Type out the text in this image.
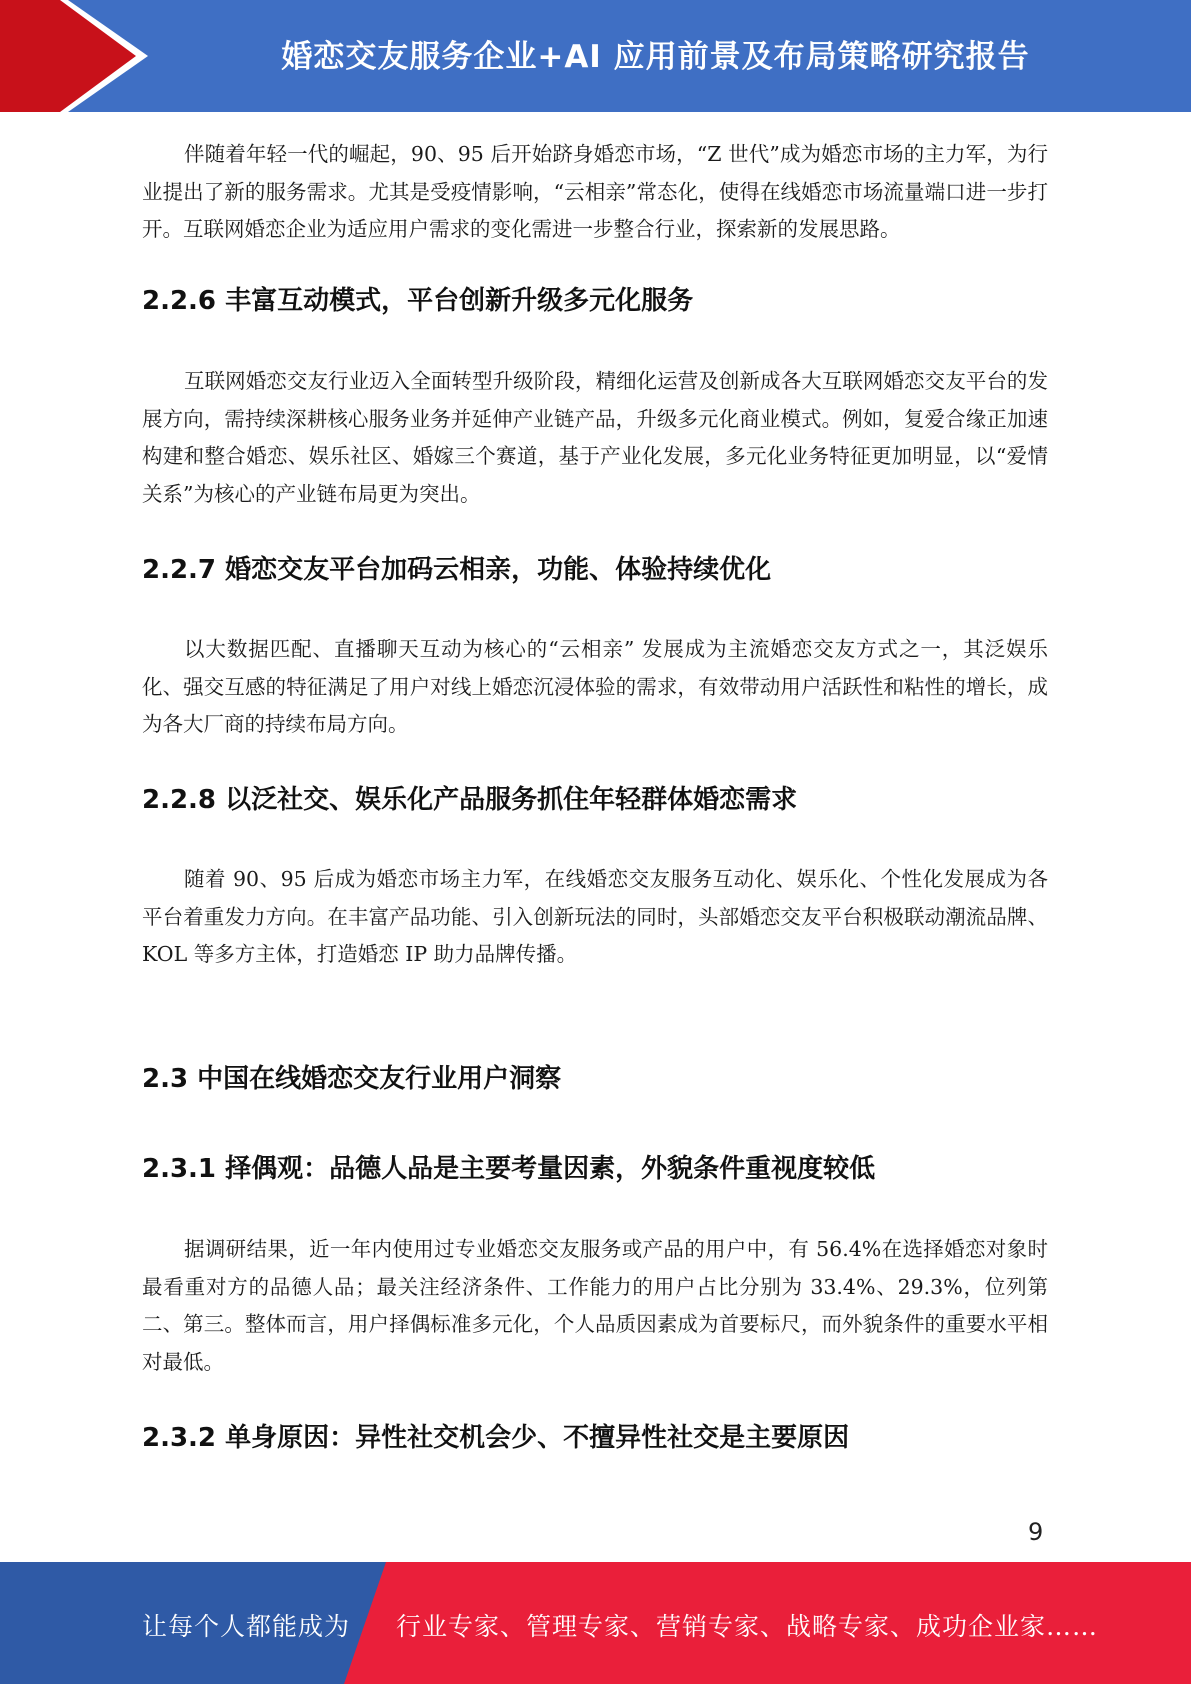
婚恋交友服务企业+AI 应用前景及布局策略研究报告

伴随着年轻一代的崛起，90、95 后开始跻身婚恋市场，“Z 世代”成为婚恋市场的主力军，为行业提出了新的服务需求。尤其是受疫情影响，“云相亲”常态化，使得在线婚恋市场流量端口进一步打开。互联网婚恋企业为适应用户需求的变化需进一步整合行业，探索新的发展思路。

2.2.6 丰富互动模式，平台创新升级多元化服务

互联网婚恋交友行业迈入全面转型升级阶段，精细化运营及创新成各大互联网婚恋交友平台的发展方向，需持续深耕核心服务业务并延伸产业链产品，升级多元化商业模式。例如，复爱合缘正加速构建和整合婚恋、娱乐社区、婚嫁三个赛道，基于产业化发展，多元化业务特征更加明显，以“爱情关系”为核心的产业链布局更为突出。

2.2.7 婚恋交友平台加码云相亲，功能、体验持续优化

以大数据匹配、直播聊天互动为核心的“云相亲” 发展成为主流婚恋交友方式之一，其泛娱乐化、强交互感的特征满足了用户对线上婚恋沉浸体验的需求，有效带动用户活跃性和粘性的增长，成为各大厂商的持续布局方向。

2.2.8 以泛社交、娱乐化产品服务抓住年轻群体婚恋需求

随着 90、95 后成为婚恋市场主力军，在线婚恋交友服务互动化、娱乐化、个性化发展成为各平台着重发力方向。在丰富产品功能、引入创新玩法的同时，头部婚恋交友平台积极联动潮流品牌、KOL 等多方主体，打造婚恋 IP 助力品牌传播。

2.3 中国在线婚恋交友行业用户洞察
2.3.1 择偶观：品德人品是主要考量因素，外貌条件重视度较低

据调研结果，近一年内使用过专业婚恋交友服务或产品的用户中，有 56.4%在选择婚恋对象时最看重对方的品德人品；最关注经济条件、工作能力的用户占比分别为 33.4%、29.3%，位列第二、第三。整体而言，用户择偶标准多元化，个人品质因素成为首要标尺，而外貌条件的重要水平相对最低。

2.3.2 单身原因：异性社交机会少、不擅异性社交是主要原因
9
让每个人都能成为 行业专家、管理专家、营销专家、战略专家、成功企业家……
